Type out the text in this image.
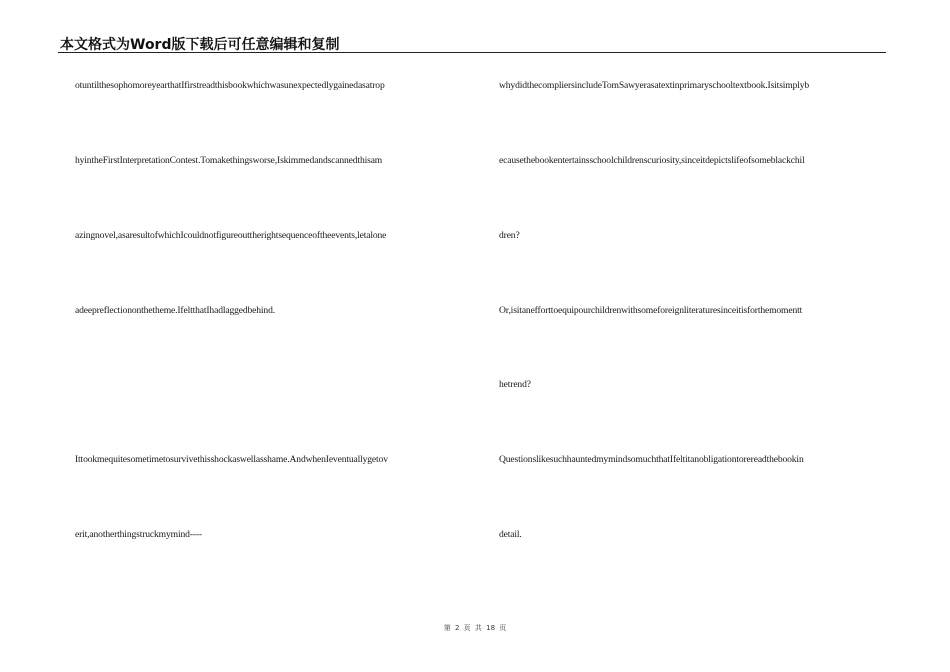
本文格式为Word版下载后可任意编辑和复制
otuntilthesophomoreyearthatIfirstreadthisbookwhichwasunexpectedlygainedasatrop
hyintheFirstInterpretationContest.Tomakethingsworse,Iskimmedandscannedthisam
azingnovel,asaresultofwhichIcouldnotfigureouttherightsequenceoftheevents,letalone
adeepreflectiononthetheme.IfeltthatIhadlaggedbehind.
Ittookmequitesometimetosurvivethisshockaswellasshame.AndwhenIeventuallygetov
erit,anotherthingstruckmymind----
whydidthecompliersincludeTomSawyerasatextinprimaryschooltextbook.Isitsimplyb
ecausethebookentertainsschoolchildrenscuriosity,sinceitdepictslifeofsomeblackchil
dren?
Or,isitanefforttoequipourchildrenwithsomeforeignliteraturesinceitisforthemomentt
hetrend?
QuestionslikesuchhauntedmymindsomuchthatIfeltitanobligationtorereadthebookin
detail.
第 2 页 共 18 页
